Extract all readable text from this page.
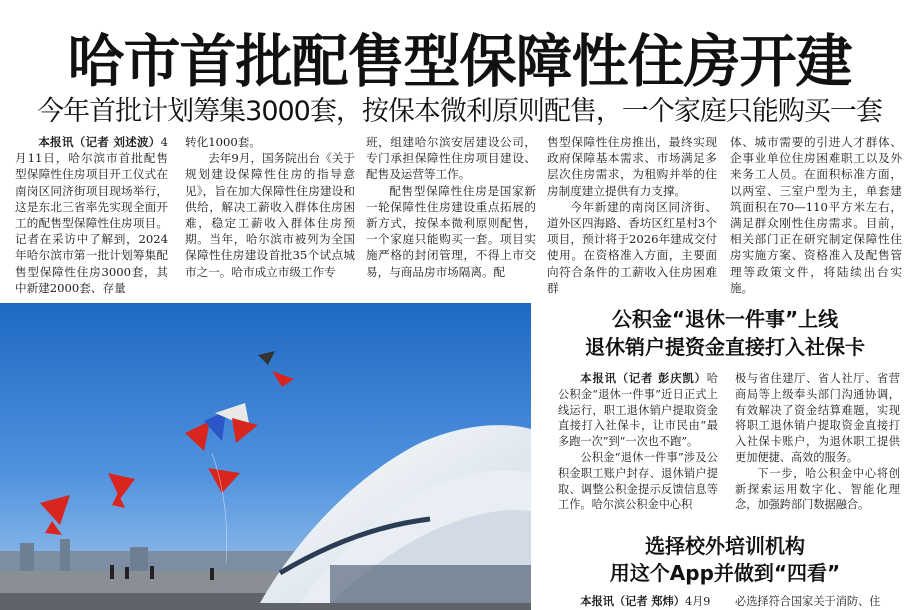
哈市首批配售型保障性住房开建
今年首批计划筹集3000套，按保本微利原则配售，一个家庭只能购买一套

本报讯（记者 刘述波）4月11日，哈尔滨市首批配售型保障性住房项目开工仪式在南岗区同济街项目现场举行，这是东北三省率先实现全面开工的配售型保障性住房项目。记者在采访中了解到，2024年哈尔滨市第一批计划筹集配售型保障性住房3000套，其中新建2000套、存量

转化1000套。

去年9月，国务院出台《关于规划建设保障性住房的指导意见》，旨在加大保障性住房建设和供给，解决工薪收入群体住房困难，稳定工薪收入群体住房预期。当年，哈尔滨市被列为全国保障性住房建设首批35个试点城市之一。哈市成立市级工作专

班，组建哈尔滨安居建设公司，专门承担保障性住房项目建设、配售及运营等工作。

配售型保障性住房是国家新一轮保障性住房建设重点拓展的新方式，按保本微利原则配售，一个家庭只能购买一套。项目实施严格的封闭管理，不得上市交易，与商品房市场隔离。配

售型保障性住房推出，最终实现政府保障基本需求、市场满足多层次住房需求，为租购并举的住房制度建立提供有力支撑。

今年新建的南岗区同济街、道外区四海路、香坊区红星村3个项目，预计将于2026年建成交付使用。在资格准入方面，主要面向符合条件的工薪收入住房困难群

体、城市需要的引进人才群体、企事业单位住房困难职工以及外来务工人员。在面积标准方面，以两室、三室户型为主，单套建筑面积在70—110平方米左右，满足群众刚性住房需求。目前，相关部门正在研究制定保障性住房实施方案、资格准入及配售管理等政策文件，将陆续出台实施。

公积金“退休一件事”上线
退休销户提资金直接打入社保卡

本报讯（记者 彭庆凯）哈公积金“退休一件事”近日正式上线运行，职工退休销户提取资金直接打入社保卡，让市民由“最多跑一次”到“一次也不跑”。

公积金“退休一件事”涉及公积金职工账户封存、退休销户提取、调整公积金提示反馈信息等工作。哈尔滨公积金中心积

极与省住建厅、省人社厅、省营商局等上级奉头部门沟通协调，有效解决了资金结算难题，实现将职工退休销户提取资金直接打入社保卡账户，为退休职工提供更加便捷、高效的服务。

下一步，哈公积金中心将创新探索运用数字化、智能化理念，加强跨部门数据融合。

选择校外培训机构
用这个App并做到“四看”

本报讯（记者 郑炜）4月9	必选择符合国家关于消防、住
